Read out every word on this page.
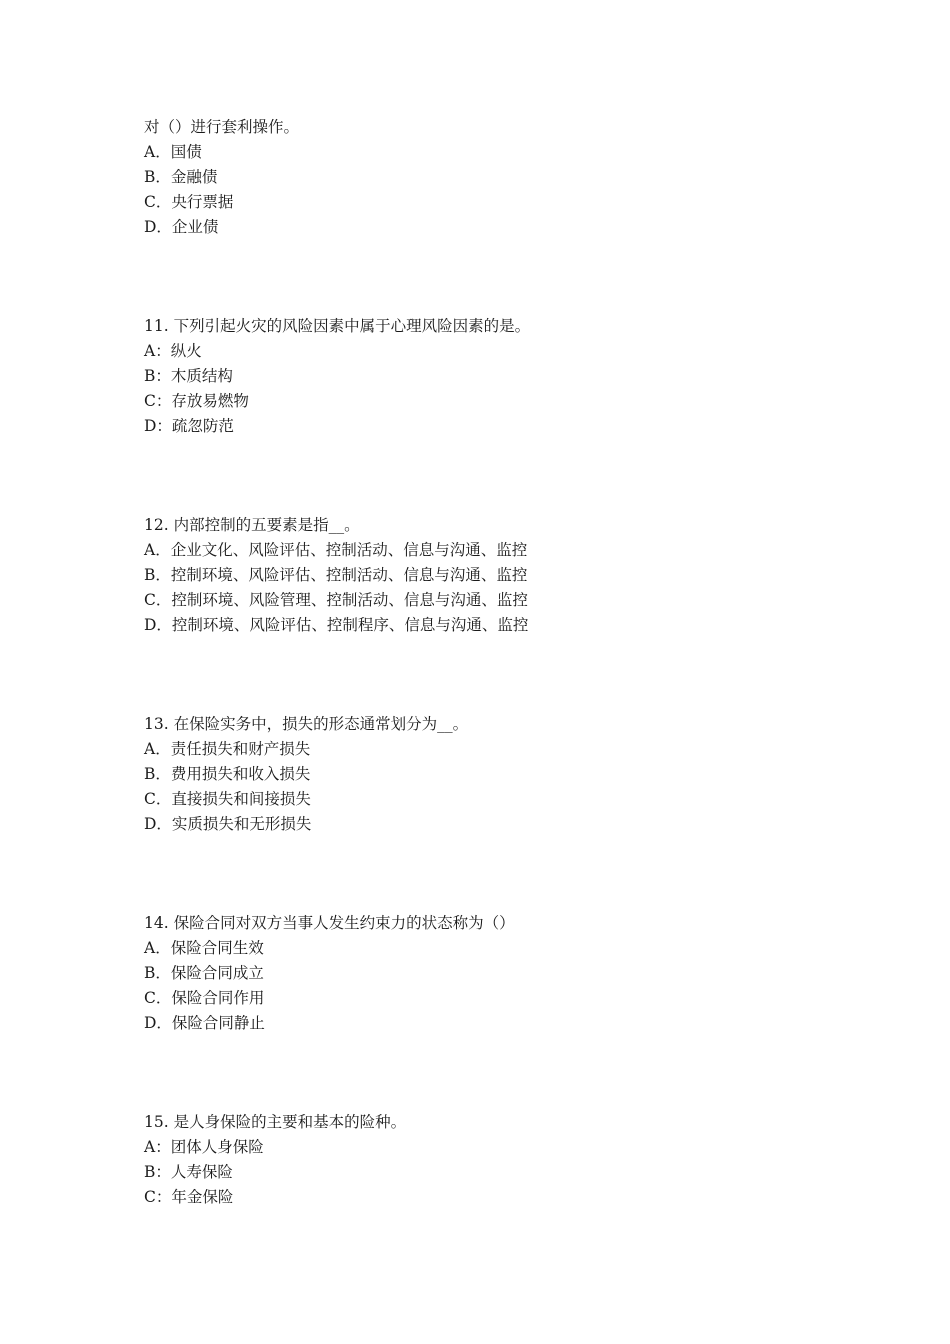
对（）进行套利操作。
A．国债
B．金融债
C．央行票据
D．企业债
11. 下列引起火灾的风险因素中属于心理风险因素的是。
A：纵火
B：木质结构
C：存放易燃物
D：疏忽防范
12. 内部控制的五要素是指__。
A．企业文化、风险评估、控制活动、信息与沟通、监控
B．控制环境、风险评估、控制活动、信息与沟通、监控
C．控制环境、风险管理、控制活动、信息与沟通、监控
D．控制环境、风险评估、控制程序、信息与沟通、监控
13. 在保险实务中，损失的形态通常划分为__。
A．责任损失和财产损失
B．费用损失和收入损失
C．直接损失和间接损失
D．实质损失和无形损失
14. 保险合同对双方当事人发生约束力的状态称为（）
A．保险合同生效
B．保险合同成立
C．保险合同作用
D．保险合同静止
15. 是人身保险的主要和基本的险种。
A：团体人身保险
B：人寿保险
C：年金保险
